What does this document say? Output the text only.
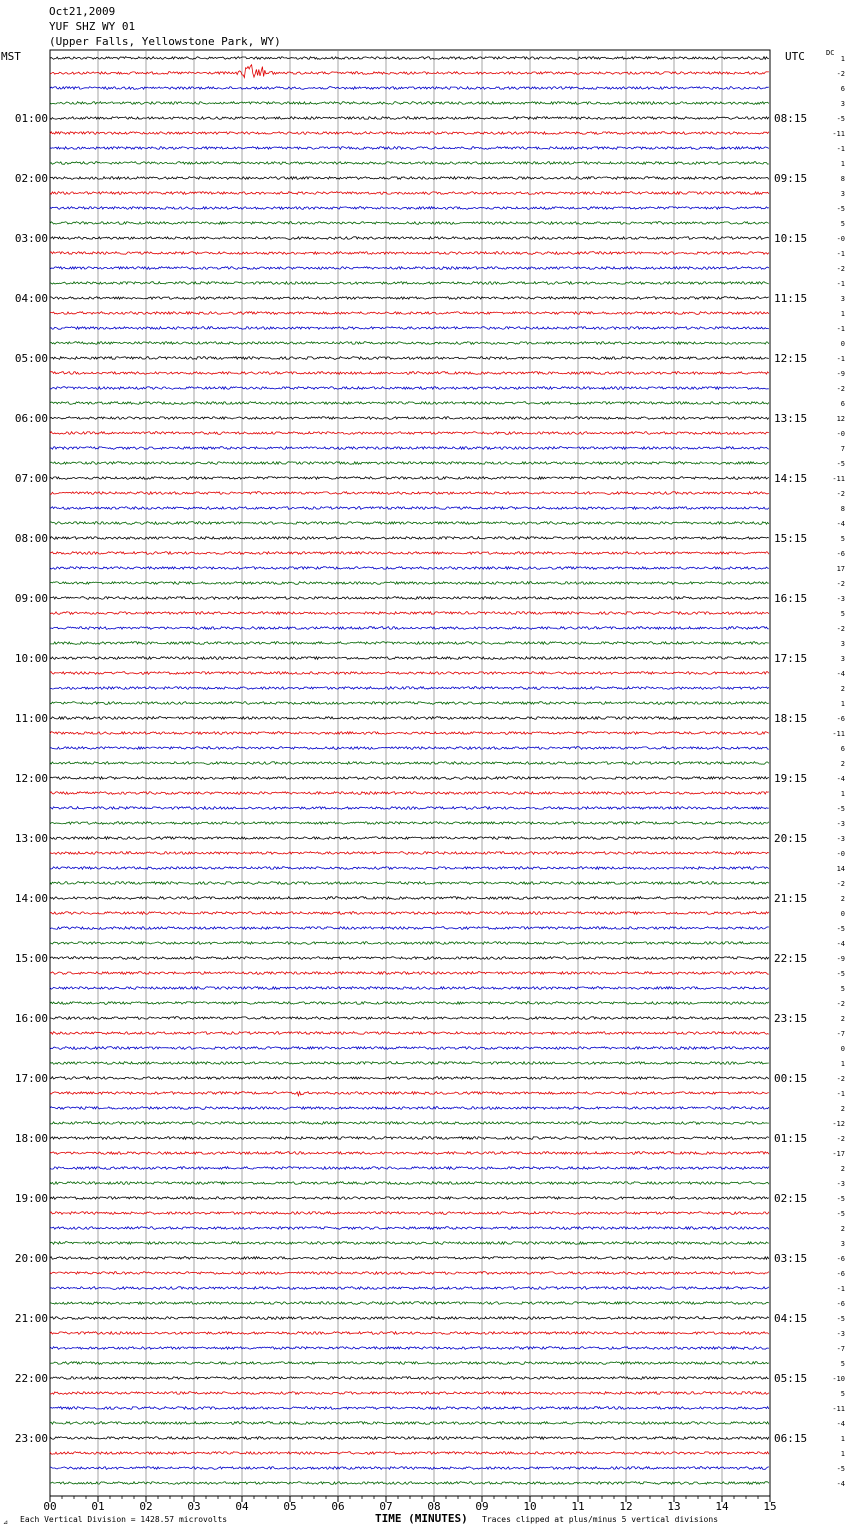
Oct21,2009
YUF SHZ WY 01
(Upper Falls, Yellowstone Park, WY)
MST	UTC	DC
1
-2
6
3
-5
-11
-1
1
8
3
-5
5
-0
-1
-2
-1
3
1
-1
0
-1
-9
-2
6
12
-0
7
-5
-11
-2
8
-4
5
-6
17
-2
-3
5
-2
3
3
-4
2
1
-6
-11
6
2
-4
1
-5
-3
-3
-0
14
-2
2
0
-5
-4
-9
-5
5
-2
2
-7
0
1
-2
-1
2
-12
-2
-17
2
-3
-5
-5
2
3
-6
-6
-1
-6
-5
-3
-7
5
-10
5
-11
-4
1
1
-5
-4
01:00
02:00
03:00
04:00
05:00
06:00
07:00
08:00
09:00
10:00
11:00
12:00
13:00
14:00
15:00
16:00
17:00
18:00
19:00
20:00
21:00
22:00
23:00
08:15
09:15
10:15
11:15
12:15
13:15
14:15
15:15
16:15
17:15
18:15
19:15
20:15
21:15
22:15
23:15
00:15
01:15
02:15
03:15
04:15
05:15
06:15
00	01	02	03	04	05	06	07	08	09	10	11	12	13	14	15
⊿ Each Vertical Division = 1428.57 microvolts	TIME (MINUTES) Traces clipped at plus/minus 5 vertical divisions
